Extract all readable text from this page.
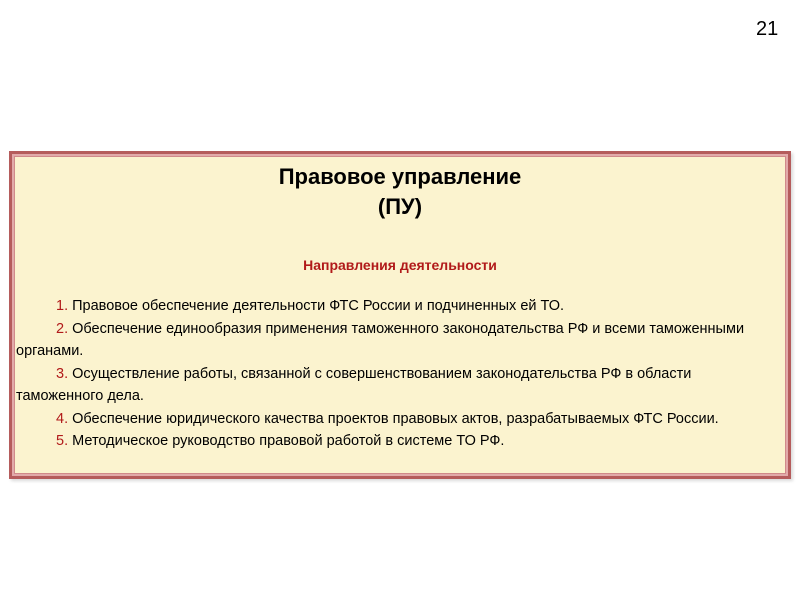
21
Правовое управление
(ПУ)
Направления деятельности

1. Правовое обеспечение деятельности ФТС России и подчиненных ей ТО.

2. Обеспечение единообразия применения таможенного законодательства РФ и всеми таможенными органами.

3. Осуществление работы, связанной с совершенствованием законодательства РФ в области таможенного дела.

4. Обеспечение юридического качества проектов правовых актов, разрабатываемых ФТС России.

5. Методическое руководство правовой работой в системе ТО РФ.
